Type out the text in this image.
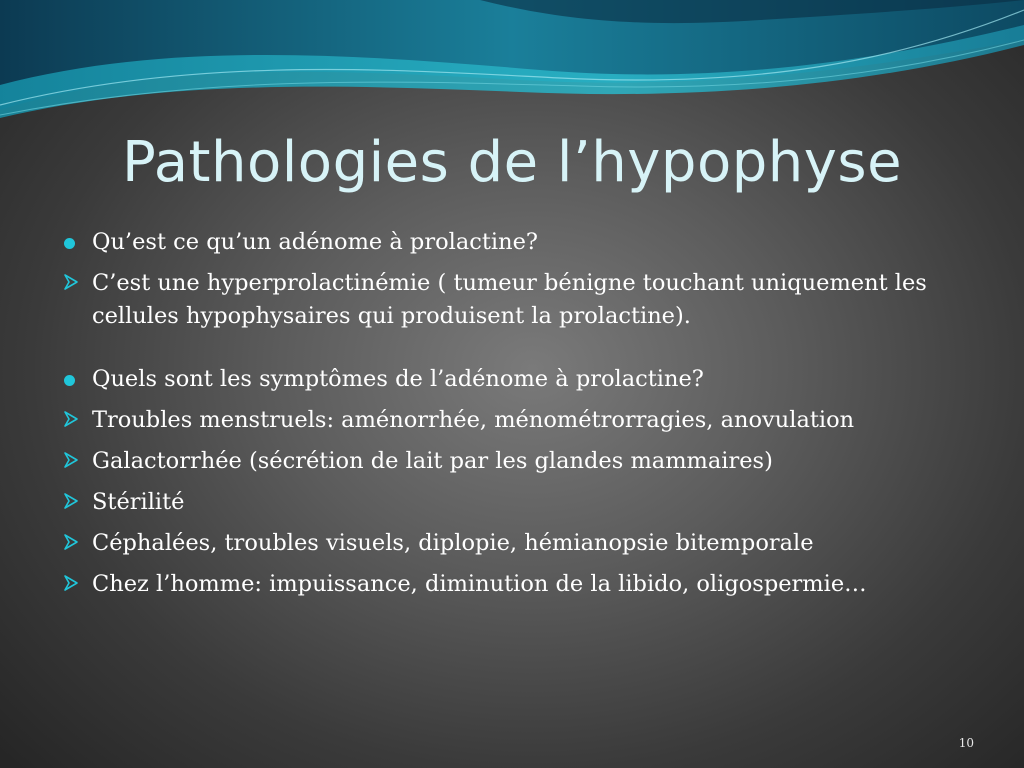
Pathologies de l’hypophyse
Qu’est ce qu’un adénome à prolactine?
C’est une hyperprolactinémie ( tumeur bénigne touchant uniquement les cellules hypophysaires qui produisent la prolactine).
Quels sont les symptômes de l’adénome à prolactine?
Troubles menstruels: aménorrhée, ménométrorragies, anovulation
Galactorrhée (sécrétion de lait par les glandes mammaires)
Stérilité
Céphalées, troubles visuels, diplopie, hémianopsie bitemporale
Chez l’homme: impuissance, diminution de la libido, oligospermie…
10
